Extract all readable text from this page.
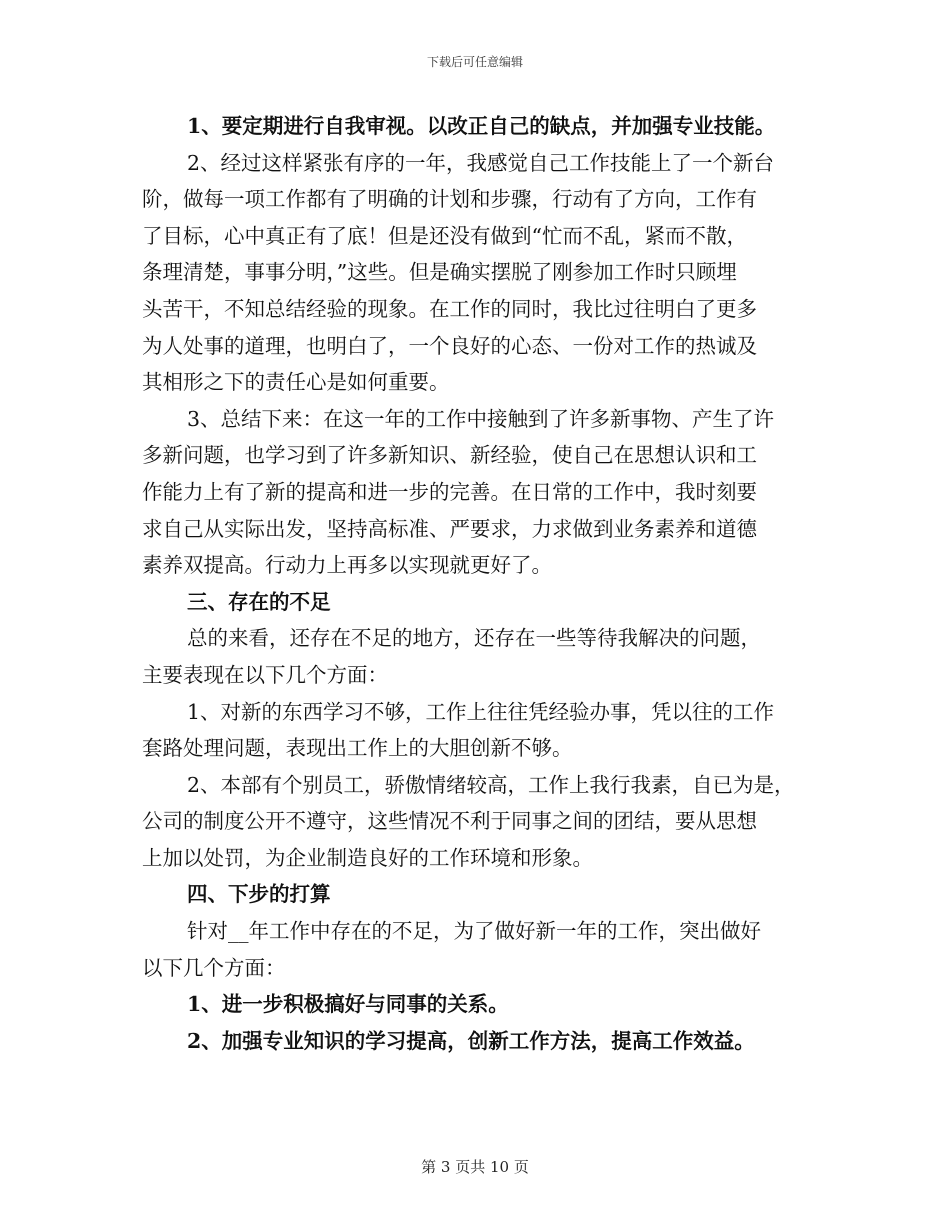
下载后可任意编辑

1、要定期进行自我审视。以改正自己的缺点，并加强专业技能。

2、经过这样紧张有序的一年，我感觉自己工作技能上了一个新台

阶，做每一项工作都有了明确的计划和步骤，行动有了方向，工作有

了目标，心中真正有了底！但是还没有做到“忙而不乱，紧而不散，

条理清楚，事事分明，”这些。但是确实摆脱了刚参加工作时只顾埋

头苦干，不知总结经验的现象。在工作的同时，我比过往明白了更多

为人处事的道理，也明白了，一个良好的心态、一份对工作的热诚及

其相形之下的责任心是如何重要。

3、总结下来：在这一年的工作中接触到了许多新事物、产生了许

多新问题，也学习到了许多新知识、新经验，使自己在思想认识和工

作能力上有了新的提高和进一步的完善。在日常的工作中，我时刻要

求自己从实际出发，坚持高标准、严要求，力求做到业务素养和道德

素养双提高。行动力上再多以实现就更好了。

三、存在的不足

总的来看，还存在不足的地方，还存在一些等待我解决的问题，

主要表现在以下几个方面：

1、对新的东西学习不够，工作上往往凭经验办事，凭以往的工作

套路处理问题，表现出工作上的大胆创新不够。

2、本部有个别员工，骄傲情绪较高，工作上我行我素，自已为是，

公司的制度公开不遵守，这些情况不利于同事之间的团结，要从思想

上加以处罚，为企业制造良好的工作环境和形象。

四、下步的打算

针对__年工作中存在的不足，为了做好新一年的工作，突出做好

以下几个方面：

1、进一步积极搞好与同事的关系。

2、加强专业知识的学习提高，创新工作方法，提高工作效益。

第 3 页共 10 页
